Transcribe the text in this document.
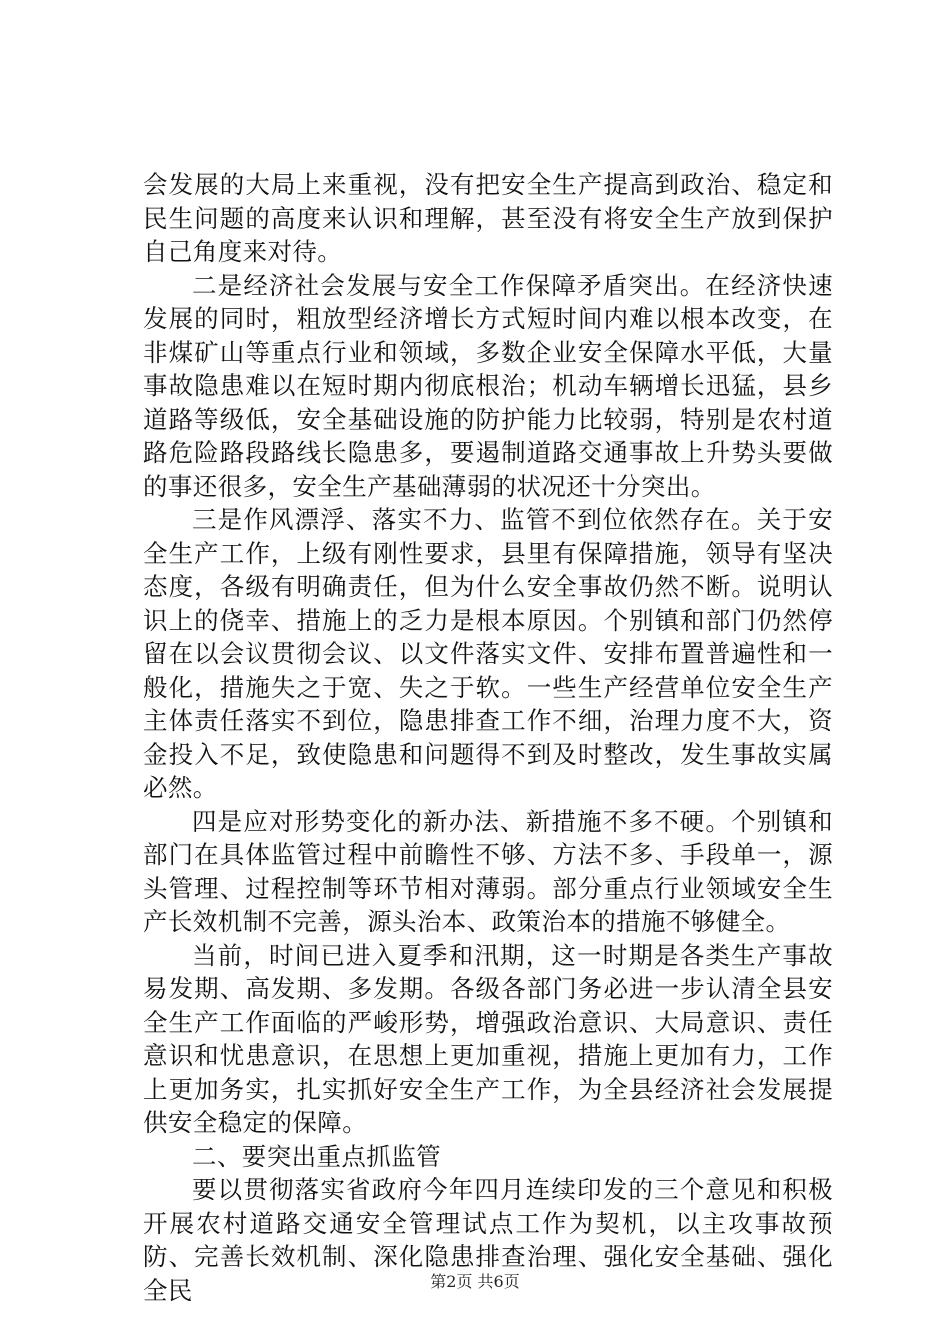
会发展的大局上来重视，没有把安全生产提高到政治、稳定和民生问题的高度来认识和理解，甚至没有将安全生产放到保护自己角度来对待。

二是经济社会发展与安全工作保障矛盾突出。在经济快速发展的同时，粗放型经济增长方式短时间内难以根本改变，在非煤矿山等重点行业和领域，多数企业安全保障水平低，大量事故隐患难以在短时期内彻底根治；机动车辆增长迅猛，县乡道路等级低，安全基础设施的防护能力比较弱，特别是农村道路危险路段路线长隐患多，要遏制道路交通事故上升势头要做的事还很多，安全生产基础薄弱的状况还十分突出。

三是作风漂浮、落实不力、监管不到位依然存在。关于安全生产工作，上级有刚性要求，县里有保障措施，领导有坚决态度，各级有明确责任，但为什么安全事故仍然不断。说明认识上的侥幸、措施上的乏力是根本原因。个别镇和部门仍然停留在以会议贯彻会议、以文件落实文件、安排布置普遍性和一般化，措施失之于宽、失之于软。一些生产经营单位安全生产主体责任落实不到位，隐患排查工作不细，治理力度不大，资金投入不足，致使隐患和问题得不到及时整改，发生事故实属必然。

四是应对形势变化的新办法、新措施不多不硬。个别镇和部门在具体监管过程中前瞻性不够、方法不多、手段单一，源头管理、过程控制等环节相对薄弱。部分重点行业领域安全生产长效机制不完善，源头治本、政策治本的措施不够健全。

当前，时间已进入夏季和汛期，这一时期是各类生产事故易发期、高发期、多发期。各级各部门务必进一步认清全县安全生产工作面临的严峻形势，增强政治意识、大局意识、责任意识和忧患意识，在思想上更加重视，措施上更加有力，工作上更加务实，扎实抓好安全生产工作，为全县经济社会发展提供安全稳定的保障。

二、要突出重点抓监管

要以贯彻落实省政府今年四月连续印发的三个意见和积极开展农村道路交通安全管理试点工作为契机，以主攻事故预防、完善长效机制、深化隐患排查治理、强化安全基础、强化全民	第2页 共6页
